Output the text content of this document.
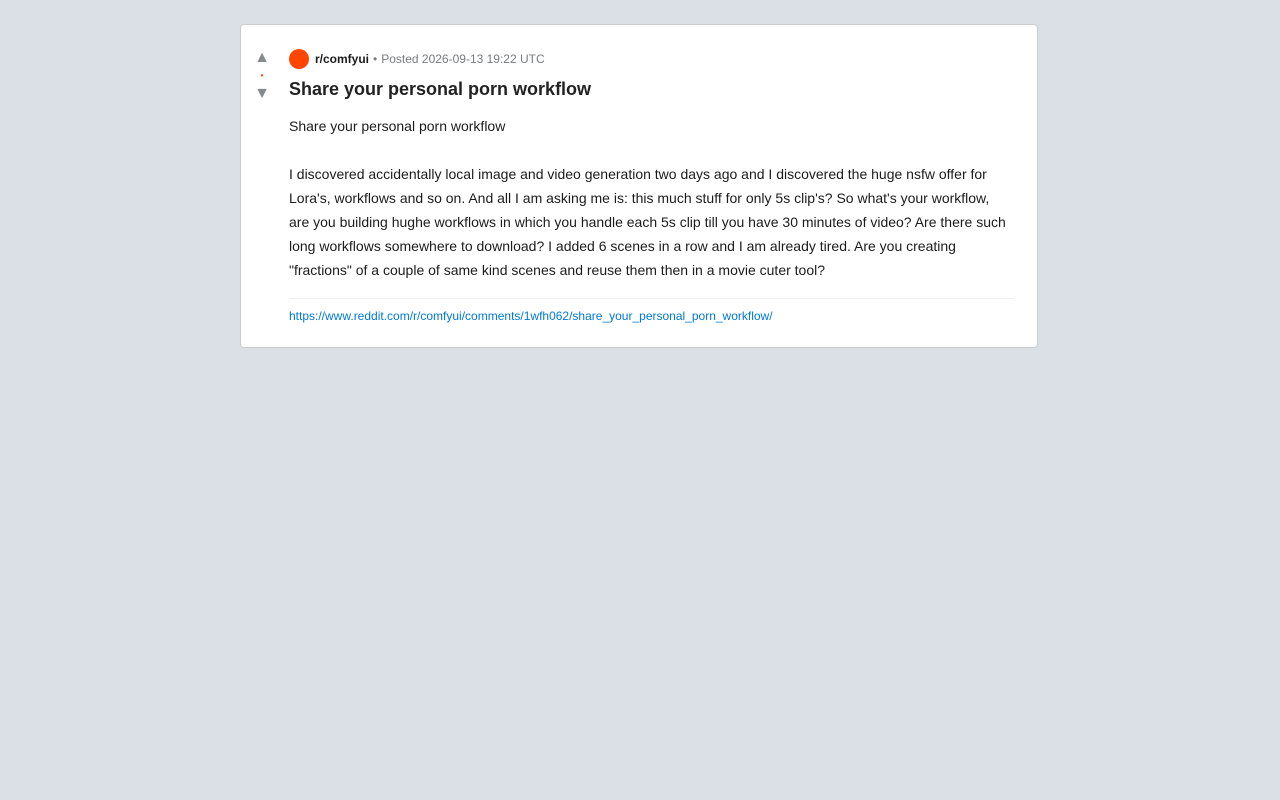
▲
•
▼
r/comfyui • Posted 2026-09-13 19:22 UTC
Share your personal porn workflow

Share your personal porn workflow

I discovered accidentally local image and video generation two days ago and I discovered the huge nsfw offer for Lora's, workflows and so on. And all I am asking me is: this much stuff for only 5s clip's? So what's your workflow, are you building hughe workflows in which you handle each 5s clip till you have 30 minutes of video? Are there such long workflows somewhere to download? I added 6 scenes in a row and I am already tired. Are you creating "fractions" of a couple of same kind scenes and reuse them then in a movie cuter tool?

https://www.reddit.com/r/comfyui/comments/1wfh062/share_your_personal_porn_workflow/
